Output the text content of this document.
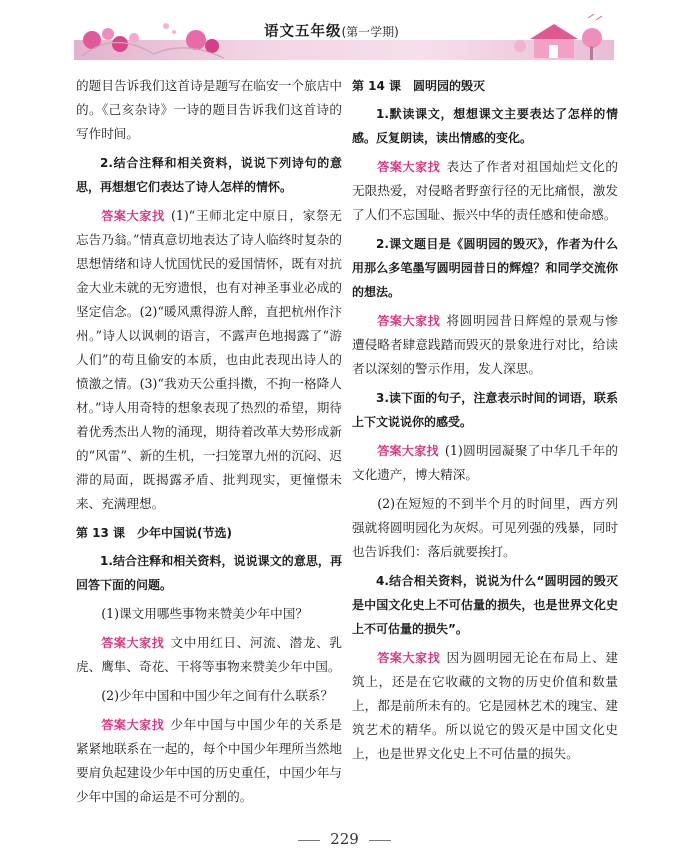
语文五年级(第一学期)

的题目告诉我们这首诗是题写在临安一个旅店中的。《己亥杂诗》一诗的题目告诉我们这首诗的写作时间。

2.结合注释和相关资料，说说下列诗句的意思，再想想它们表达了诗人怎样的情怀。

答案大家找 (1)“王师北定中原日，家祭无忘告乃翁。”情真意切地表达了诗人临终时复杂的思想情绪和诗人忧国忧民的爱国情怀，既有对抗金大业未就的无穷遗恨，也有对神圣事业必成的坚定信念。(2)“暖风熏得游人醉，直把杭州作汴州。”诗人以讽刺的语言，不露声色地揭露了“游人们”的苟且偷安的本质，也由此表现出诗人的愤激之情。(3)“我劝天公重抖擞，不拘一格降人材。”诗人用奇特的想象表现了热烈的希望，期待着优秀杰出人物的涌现，期待着改革大势形成新的“风雷”、新的生机，一扫笼罩九州的沉闷、迟滞的局面，既揭露矛盾、批判现实，更憧憬未来、充满理想。

第 13 课　少年中国说(节选)

1.结合注释和相关资料，说说课文的意思，再回答下面的问题。

(1)课文用哪些事物来赞美少年中国？

答案大家找 文中用红日、河流、潜龙、乳虎、鹰隼、奇花、干将等事物来赞美少年中国。

(2)少年中国和中国少年之间有什么联系？

答案大家找 少年中国与中国少年的关系是紧紧地联系在一起的，每个中国少年理所当然地要肩负起建设少年中国的历史重任，中国少年与少年中国的命运是不可分割的。

第 14 课　圆明园的毁灭

1.默读课文，想想课文主要表达了怎样的情感。反复朗读，读出情感的变化。

答案大家找 表达了作者对祖国灿烂文化的无限热爱，对侵略者野蛮行径的无比痛恨，激发了人们不忘国耻、振兴中华的责任感和使命感。

2.课文题目是《圆明园的毁灭》，作者为什么用那么多笔墨写圆明园昔日的辉煌？和同学交流你的想法。

答案大家找 将圆明园昔日辉煌的景观与惨遭侵略者肆意践踏而毁灭的景象进行对比，给读者以深刻的警示作用，发人深思。

3.读下面的句子，注意表示时间的词语，联系上下文说说你的感受。

答案大家找 (1)圆明园凝聚了中华几千年的文化遗产，博大精深。

(2)在短短的不到半个月的时间里，西方列强就将圆明园化为灰烬。可见列强的残暴，同时也告诉我们：落后就要挨打。

4.结合相关资料，说说为什么“圆明园的毁灭是中国文化史上不可估量的损失，也是世界文化史上不可估量的损失”。

答案大家找 因为圆明园无论在布局上、建筑上，还是在它收藏的文物的历史价值和数量上，都是前所未有的。它是园林艺术的瑰宝、建筑艺术的精华。所以说它的毁灭是中国文化史上，也是世界文化史上不可估量的损失。

229
